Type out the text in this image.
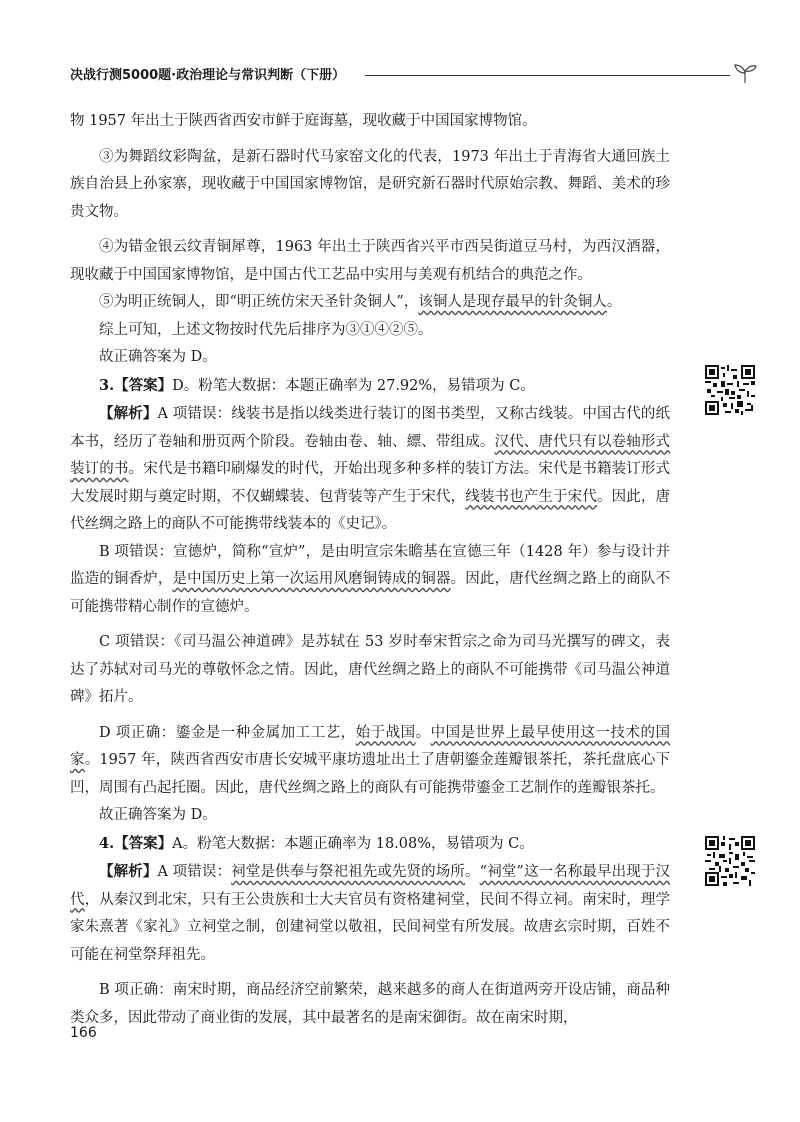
决战行测5000题·政治理论与常识判断（下册）

物 1957 年出土于陕西省西安市鲜于庭诲墓，现收藏于中国国家博物馆。

③为舞蹈纹彩陶盆，是新石器时代马家窑文化的代表，1973 年出土于青海省大通回族土族自治县上孙家寨，现收藏于中国国家博物馆，是研究新石器时代原始宗教、舞蹈、美术的珍贵文物。

④为错金银云纹青铜犀尊，1963 年出土于陕西省兴平市西吴街道豆马村，为西汉酒器，现收藏于中国国家博物馆，是中国古代工艺品中实用与美观有机结合的典范之作。

⑤为明正统铜人，即“明正统仿宋天圣针灸铜人”，该铜人是现存最早的针灸铜人。

综上可知，上述文物按时代先后排序为③①④②⑤。

故正确答案为 D。

3.【答案】D。粉笔大数据：本题正确率为 27.92%，易错项为 C。

【解析】A 项错误：线装书是指以线类进行装订的图书类型，又称古线装。中国古代的纸本书，经历了卷轴和册页两个阶段。卷轴由卷、轴、縹、带组成。汉代、唐代只有以卷轴形式装订的书。宋代是书籍印刷爆发的时代，开始出现多种多样的装订方法。宋代是书籍装订形式大发展时期与奠定时期，不仅蝴蝶装、包背装等产生于宋代，线装书也产生于宋代。因此，唐代丝绸之路上的商队不可能携带线装本的《史记》。

B 项错误：宣德炉，简称“宣炉”，是由明宣宗朱瞻基在宣德三年（1428 年）参与设计并监造的铜香炉，是中国历史上第一次运用风磨铜铸成的铜器。因此，唐代丝绸之路上的商队不可能携带精心制作的宣德炉。

C 项错误：《司马温公神道碑》是苏轼在 53 岁时奉宋哲宗之命为司马光撰写的碑文，表达了苏轼对司马光的尊敬怀念之情。因此，唐代丝绸之路上的商队不可能携带《司马温公神道碑》拓片。

D 项正确：鎏金是一种金属加工工艺，始于战国。中国是世界上最早使用这一技术的国家。1957 年，陕西省西安市唐长安城平康坊遗址出土了唐朝鎏金莲瓣银茶托，茶托盘底心下凹，周围有凸起托圈。因此，唐代丝绸之路上的商队有可能携带鎏金工艺制作的莲瓣银茶托。

故正确答案为 D。

4.【答案】A。粉笔大数据：本题正确率为 18.08%，易错项为 C。

【解析】A 项错误：祠堂是供奉与祭祀祖先或先贤的场所。“祠堂”这一名称最早出现于汉代，从秦汉到北宋，只有王公贵族和士大夫官员有资格建祠堂，民间不得立祠。南宋时，理学家朱熹著《家礼》立祠堂之制，创建祠堂以敬祖，民间祠堂有所发展。故唐玄宗时期，百姓不可能在祠堂祭拜祖先。

B 项正确：南宋时期，商品经济空前繁荣，越来越多的商人在街道两旁开设店铺，商品种类众多，因此带动了商业街的发展，其中最著名的是南宋御街。故在南宋时期，

166
